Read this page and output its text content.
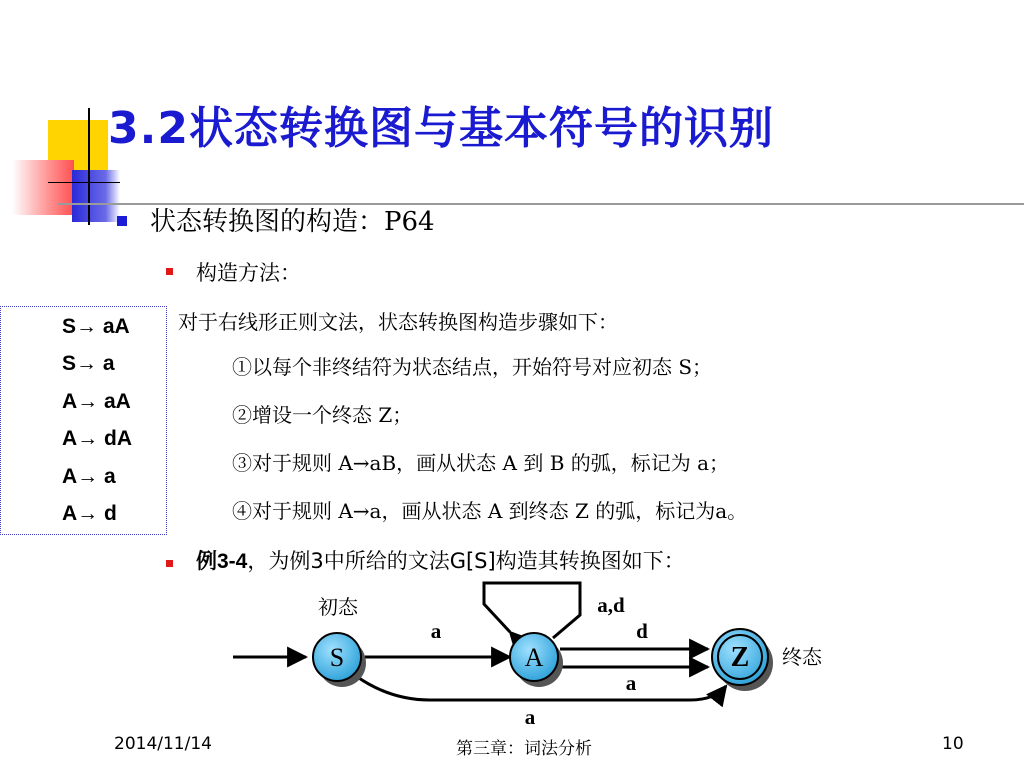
3.2状态转换图与基本符号的识别
状态转换图的构造：P64
构造方法：
对于右线形正则文法，状态转换图构造步骤如下：
①以每个非终结符为状态结点，开始符号对应初态 S；
②增设一个终态 Z；
③对于规则 A→aB，画从状态 A 到 B 的弧，标记为 a；
④对于规则 A→a，画从状态 A 到终态 Z 的弧，标记为a。
例3-4，为例3中所给的文法G[S]构造其转换图如下：
S→ aA
S→ a
A→ aA
A→ dA
A→ a
A→ d
S	A	Z
a
a,d
d
a
a
初态
终态
2014/11/14	第三章：词法分析	10
